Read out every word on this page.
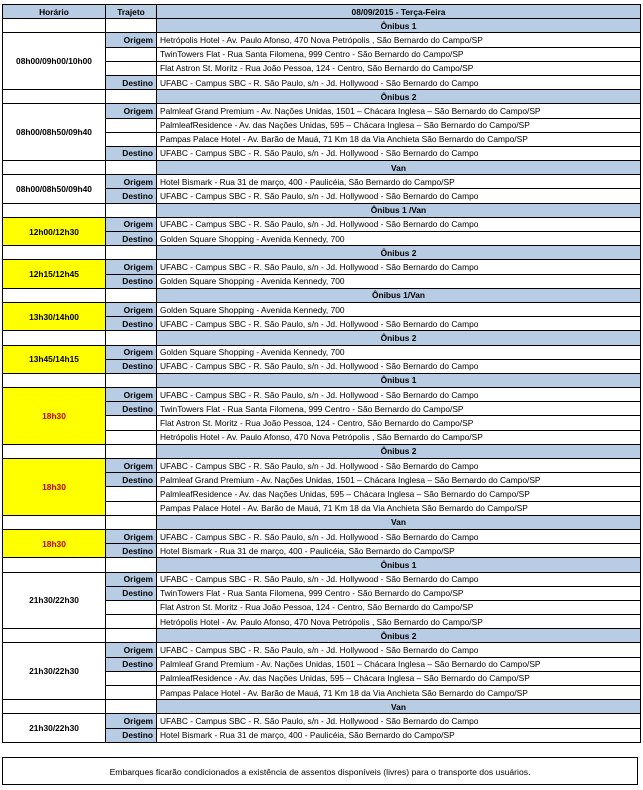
Horário	Trajeto	08/09/2015 - Terça-Feira
		Ônibus 1
08h00/09h00/10h00	Origem	Hetrópolis Hotel - Av. Paulo Afonso, 470 Nova Petrópolis , São Bernardo do Campo/SP
		TwinTowers Flat - Rua Santa Filomena, 999 Centro - São Bernardo do Campo/SP
		Flat Astron St. Moritz - Rua João Pessoa, 124 - Centro, São Bernardo do Campo/SP
	Destino	UFABC - Campus SBC - R. São Paulo, s/n - Jd. Hollywood - São Bernardo do Campo
		Ônibus 2
08h00/08h50/09h40	Origem	Palmleaf Grand Premium - Av. Nações Unidas, 1501 – Chácara Inglesa – São Bernardo do Campo/SP
		PalmleafResidence - Av. das Nações Unidas, 595 – Chácara Inglesa – São Bernardo do Campo/SP
		Pampas Palace Hotel - Av. Barão de Mauá, 71 Km 18 da Via Anchieta São Bernardo do Campo/SP
	Destino	UFABC - Campus SBC - R. São Paulo, s/n - Jd. Hollywood - São Bernardo do Campo
		Van
08h00/08h50/09h40	Origem	Hotel Bismark - Rua 31 de março, 400 - Paulicéia, São Bernardo do Campo/SP
	Destino	UFABC - Campus SBC - R. São Paulo, s/n - Jd. Hollywood - São Bernardo do Campo
		Ônibus 1 /Van
12h00/12h30	Origem	UFABC - Campus SBC - R. São Paulo, s/n - Jd. Hollywood - São Bernardo do Campo
	Destino	Golden Square Shopping - Avenida Kennedy, 700
		Ônibus 2
12h15/12h45	Origem	UFABC - Campus SBC - R. São Paulo, s/n - Jd. Hollywood - São Bernardo do Campo
	Destino	Golden Square Shopping - Avenida Kennedy, 700
		Ônibus 1/Van
13h30/14h00	Origem	Golden Square Shopping - Avenida Kennedy, 700
	Destino	UFABC - Campus SBC - R. São Paulo, s/n - Jd. Hollywood - São Bernardo do Campo
		Ônibus 2
13h45/14h15	Origem	Golden Square Shopping - Avenida Kennedy, 700
	Destino	UFABC - Campus SBC - R. São Paulo, s/n - Jd. Hollywood - São Bernardo do Campo
		Ônibus 1
18h30	Origem	UFABC - Campus SBC - R. São Paulo, s/n - Jd. Hollywood - São Bernardo do Campo
	Destino	TwinTowers Flat - Rua Santa Filomena, 999 Centro - São Bernardo do Campo/SP
		Flat Astron St. Moritz - Rua João Pessoa, 124 - Centro, São Bernardo do Campo/SP
		Hetrópolis Hotel - Av. Paulo Afonso, 470 Nova Petrópolis , São Bernardo do Campo/SP
		Ônibus 2
18h30	Origem	UFABC - Campus SBC - R. São Paulo, s/n - Jd. Hollywood - São Bernardo do Campo
	Destino	Palmleaf Grand Premium - Av. Nações Unidas, 1501 – Chácara Inglesa – São Bernardo do Campo/SP
		PalmleafResidence - Av. das Nações Unidas, 595 – Chácara Inglesa – São Bernardo do Campo/SP
		Pampas Palace Hotel - Av. Barão de Mauá, 71 Km 18 da Via Anchieta São Bernardo do Campo/SP
		Van
18h30	Origem	UFABC - Campus SBC - R. São Paulo, s/n - Jd. Hollywood - São Bernardo do Campo
	Destino	Hotel Bismark - Rua 31 de março, 400 - Paulicéia, São Bernardo do Campo/SP
		Ônibus 1
21h30/22h30	Origem	UFABC - Campus SBC - R. São Paulo, s/n - Jd. Hollywood - São Bernardo do Campo
	Destino	TwinTowers Flat - Rua Santa Filomena, 999 Centro - São Bernardo do Campo/SP
		Flat Astron St. Moritz - Rua João Pessoa, 124 - Centro, São Bernardo do Campo/SP
		Hetrópolis Hotel - Av. Paulo Afonso, 470 Nova Petrópolis , São Bernardo do Campo/SP
		Ônibus 2
21h30/22h30	Origem	UFABC - Campus SBC - R. São Paulo, s/n - Jd. Hollywood - São Bernardo do Campo
	Destino	Palmleaf Grand Premium - Av. Nações Unidas, 1501 – Chácara Inglesa – São Bernardo do Campo/SP
		PalmleafResidence - Av. das Nações Unidas, 595 – Chácara Inglesa – São Bernardo do Campo/SP
		Pampas Palace Hotel - Av. Barão de Mauá, 71 Km 18 da Via Anchieta São Bernardo do Campo/SP
		Van
21h30/22h30	Origem	UFABC - Campus SBC - R. São Paulo, s/n - Jd. Hollywood - São Bernardo do Campo
	Destino	Hotel Bismark - Rua 31 de março, 400 - Paulicéia, São Bernardo do Campo/SP
Embarques ficarão condicionados a existência de assentos disponíveis (livres) para o transporte dos usuários.
